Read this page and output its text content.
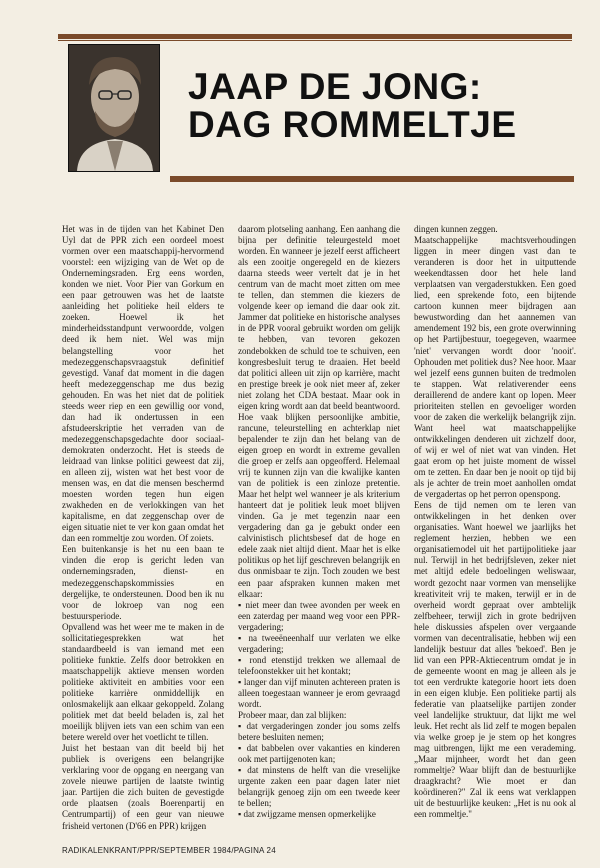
JAAP DE JONG:
DAG ROMMELTJE

Het was in de tijden van het Kabinet Den Uyl dat de PPR zich een oordeel moest vormen over een maatschappij-hervormend voorstel: een wijziging van de Wet op de Ondernemingsraden. Erg eens worden, konden we niet. Voor Pier van Gorkum en een paar getrouwen was het de laatste aanleiding het politieke heil elders te zoeken. Hoewel ik het minderheidsstandpunt verwoordde, volgen deed ik hem niet. Wel was mijn belangstelling voor het medezeggenschapsvraagstuk definitief gevestigd. Vanaf dat moment in die dagen heeft medezeggenschap me dus bezig gehouden. En was het niet dat de politiek steeds weer riep en een gewillig oor vond, dan had ik ondertussen in een afstudeerskriptie het verraden van de medezeggenschapsgedachte door sociaal-demokraten onderzocht. Het is steeds de leidraad van linkse politici geweest dat zij, en alleen zij, wisten wat het best voor de mensen was, en dat die mensen beschermd moesten worden tegen hun eigen zwakheden en de verlokkingen van het kapitalisme, en dat zeggenschap over de eigen situatie niet te ver kon gaan omdat het dan een rommeltje zou worden. Of zoiets.

Een buitenkansje is het nu een baan te vinden die erop is gericht leden van ondernemingsraden, dienst- en medezeggenschapskommissies en dergelijke, te ondersteunen. Dood ben ik nu voor de lokroep van nog een bestuursperiode.

Opvallend was het weer me te maken in de sollicitatiegesprekken wat het standaardbeeld is van iemand met een politieke funktie. Zelfs door betrokken en maatschappelijk aktieve mensen worden politieke aktiviteit en ambities voor een politieke karrière onmiddellijk en onlosmakelijk aan elkaar gekoppeld. Zolang politiek met dat beeld beladen is, zal het moeilijk blijven iets van een schim van een betere wereld over het voetlicht te tillen.

Juist het bestaan van dit beeld bij het publiek is overigens een belangrijke verklaring voor de opgang en neergang van zovele nieuwe partijen de laatste twintig jaar. Partijen die zich buiten de gevestigde orde plaatsen (zoals Boerenpartij en Centrumpartij) of een geur van nieuwe frisheid vertonen (D'66 en PPR) krijgen

daarom plotseling aanhang. Een aanhang die bijna per definitie teleurgesteld moet worden. En wanneer je jezelf eerst afficheert als een zooitje ongeregeld en de kiezers daarna steeds weer vertelt dat je in het centrum van de macht moet zitten om mee te tellen, dan stemmen die kiezers de volgende keer op iemand die daar ook zit. Jammer dat politieke en historische analyses in de PPR vooral gebruikt worden om gelijk te hebben, van tevoren gekozen zondebokken de schuld toe te schuiven, een kongresbesluit terug te draaien. Het beeld dat politici alleen uit zijn op karrière, macht en prestige breek je ook niet meer af, zeker niet zolang het CDA bestaat. Maar ook in eigen kring wordt aan dat beeld beantwoord. Hoe vaak blijken persoonlijke ambitie, rancune, teleurstelling en achterklap niet bepalender te zijn dan het belang van de eigen groep en wordt in extreme gevallen die groep er zelfs aan opgeofferd. Helemaal vrij te kunnen zijn van die kwalijke kanten van de politiek is een zinloze pretentie. Maar het helpt wel wanneer je als kriterium hanteert dat je politiek leuk moet blijven vinden. Ga je met tegenzin naar een vergadering dan ga je gebukt onder een calvinistisch plichtsbesef dat de hoge en edele zaak niet altijd dient. Maar het is elke politikus op het lijf geschreven belangrijk en dus onmisbaar te zijn. Toch zouden we best een paar afspraken kunnen maken met elkaar:

▪ niet meer dan twee avonden per week en een zaterdag per maand weg voor een PPR-vergadering;

▪ na tweeëneenhalf uur verlaten we elke vergadering;

▪ rond etenstijd trekken we allemaal de telefoonstekker uit het kontakt;

▪ langer dan vijf minuten achtereen praten is alleen toegestaan wanneer je erom gevraagd wordt.

Probeer maar, dan zal blijken:

▪ dat vergaderingen zonder jou soms zelfs betere besluiten nemen;

▪ dat babbelen over vakanties en kinderen ook met partijgenoten kan;

▪ dat minstens de helft van die vreselijke urgente zaken een paar dagen later niet belangrijk genoeg zijn om een tweede keer te bellen;

▪ dat zwijgzame mensen opmerkelijke

dingen kunnen zeggen.

Maatschappelijke machtsverhoudingen liggen in meer dingen vast dan te veranderen is door het in uitputtende weekendtassen door het hele land verplaatsen van vergaderstukken. Een goed lied, een sprekende foto, een bijtende cartoon kunnen meer bijdragen aan bewustwording dan het aannemen van amendement 192 bis, een grote overwinning op het Partijbestuur, toegegeven, waarmee 'niet' vervangen wordt door 'nooit'. Ophouden met politiek dus? Nee hoor. Maar wel jezelf eens gunnen buiten de tredmolen te stappen. Wat relativerender eens deraillerend de andere kant op lopen. Meer prioriteiten stellen en gevoeliger worden voor de zaken die werkelijk belangrijk zijn. Want heel wat maatschappelijke ontwikkelingen denderen uit zichzelf door, of wij er wel of niet wat van vinden. Het gaat erom op het juiste moment de wissel om te zetten. En daar ben je nooit op tijd bij als je achter de trein moet aanhollen omdat de vergadertas op het perron openspong.

Eens de tijd nemen om te leren van ontwikkelingen in het denken over organisaties. Want hoewel we jaarlijks het reglement herzien, hebben we een organisatiemodel uit het partijpolitieke jaar nul. Terwijl in het bedrijfsleven, zeker niet met altijd edele bedoelingen weliswaar, wordt gezocht naar vormen van menselijke kreativiteit vrij te maken, terwijl er in de overheid wordt gepraat over ambtelijk zelfbeheer, terwijl zich in grote bedrijven hele diskussies afspelen over vergaande vormen van decentralisatie, hebben wij een landelijk bestuur dat alles 'bekoed'. Ben je lid van een PPR-Aktiecentrum omdat je in de gemeente woont en mag je alleen als je tot een verdrukte kategorie hoort iets doen in een eigen klubje. Een politieke partij als federatie van plaatselijke partijen zonder veel landelijke struktuur, dat lijkt me wel leuk. Het recht als lid zelf te mogen bepalen via welke groep je je stem op het kongres mag uitbrengen, lijkt me een verademing. „Maar mijnheer, wordt het dan geen rommeltje? Waar blijft dan de bestuurlijke draagkracht? Wie moet er dan koördineren?" Zal ik eens wat verklappen uit de bestuurlijke keuken: „Het is nu ook al een rommeltje."

RADIKALENKRANT/PPR/SEPTEMBER 1984/PAGINA 24
